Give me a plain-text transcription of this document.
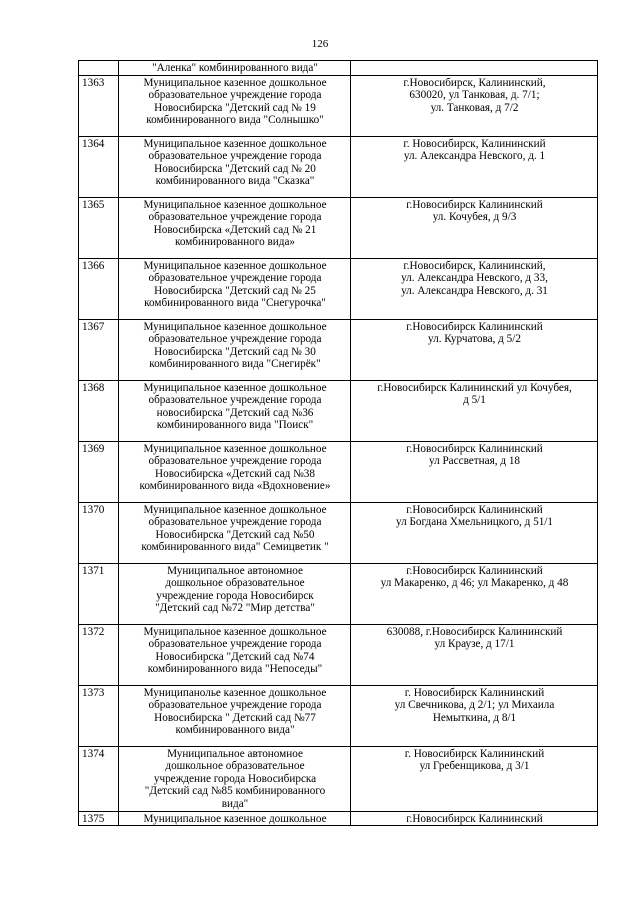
126

	"Аленка" комбинированного вида"	

1363	Муниципальное казенное дошкольное
образовательное учреждение города
Новосибирска "Детский сад № 19
комбинированного вида "Солнышко"	г.Новосибирск, Калининский,
630020, ул Танковая, д. 7/1;
ул. Танковая, д 7/2

1364	Муниципальное казенное дошкольное
образовательное учреждение города
Новосибирска "Детский сад № 20
комбинированного вида "Сказка"	г. Новосибирск, Калининский
ул. Александра Невского, д. 1

1365	Муниципальное казенное дошкольное
образовательное учреждение города
Новосибирска «Детский сад № 21
комбинированного вида»	г.Новосибирск Калининский
ул. Кочубея, д 9/3

1366	Муниципальное казенное дошкольное
образовательное учреждение города
Новосибирска "Детский сад № 25
комбинированного вида "Снегурочка"	г.Новосибирск, Калининский,
ул. Александра Невского, д 33,
ул. Александра Невского, д. 31

1367	Муниципальное казенное дошкольное
образовательное учреждение города
Новосибирска "Детский сад № 30
комбинированного вида "Снегирёк"	г.Новосибирск Калининский
ул. Курчатова, д 5/2

1368	Муниципальное казенное дошкольное
образовательное учреждение города
новосибирска "Детский сад №36
комбинированного вида "Поиск"	г.Новосибирск Калининский ул Кочубея,
д 5/1

1369	Муниципальное казенное дошкольное
образовательное учреждение города
Новосибирска «Детский сад №38
комбинированного вида «Вдохновение»	г.Новосибирск Калининский
ул Рассветная, д 18

1370	Муниципальное казенное дошкольное
образовательное учреждение города
Новосибирска "Детский сад №50
комбинированного вида" Семицветик "	г.Новосибирск Калининский
ул Богдана Хмельницкого, д 51/1

1371	Муниципальное автономное
дошкольное образовательное
учреждение города Новосибирск
"Детский сад №72 "Мир детства"	г.Новосибирск Калининский
ул Макаренко, д 46; ул Макаренко, д 48

1372	Муниципальное казенное дошкольное
образовательное учреждение города
Новосибирска "Детский сад №74
комбинированного вида "Непоседы"	630088, г.Новосибирск Калининский
ул Краузе, д 17/1

1373	Муниципанольe казенное дошкольное
образовательное учреждение города
Новосибирска " Детский сад №77
комбинированного вида"	г. Новосибирск Калининский
ул Свечникова, д 2/1; ул Михаила
Немыткина, д 8/1

1374	Муниципальное автономное
дошкольное образовательное
учреждение города Новосибирска
"Детский сад №85 комбинированного
вида"	г. Новосибирск Калининский
ул Гребенщикова, д 3/1

1375	Муниципальное казенное дошкольное	г.Новосибирск Калининский
